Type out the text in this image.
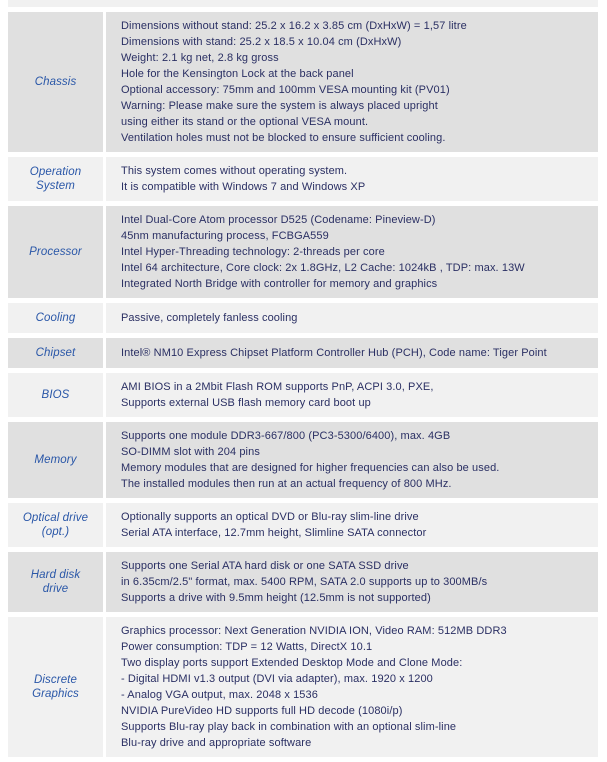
Chassis
Dimensions without stand: 25.2 x 16.2 x 3.85 cm (DxHxW) = 1,57 litre
Dimensions with stand: 25.2 x 18.5 x 10.04 cm (DxHxW)
Weight: 2.1 kg net, 2.8 kg gross
Hole for the Kensington Lock at the back panel
Optional accessory: 75mm and 100mm VESA mounting kit (PV01)
Warning: Please make sure the system is always placed upright
using either its stand or the optional VESA mount.
Ventilation holes must not be blocked to ensure sufficient cooling.
Operation System
This system comes without operating system.
It is compatible with Windows 7 and Windows XP
Processor
Intel Dual-Core Atom processor D525 (Codename: Pineview-D)
45nm manufacturing process, FCBGA559
Intel Hyper-Threading technology: 2-threads per core
Intel 64 architecture, Core clock: 2x 1.8GHz, L2 Cache: 1024kB , TDP: max. 13W
Integrated North Bridge with controller for memory and graphics
Cooling	Passive, completely fanless cooling
Chipset	Intel® NM10 Express Chipset Platform Controller Hub (PCH), Code name: Tiger Point
BIOS
AMI BIOS in a 2Mbit Flash ROM supports PnP, ACPI 3.0, PXE,
Supports external USB flash memory card boot up
Memory
Supports one module DDR3-667/800 (PC3-5300/6400), max. 4GB
SO-DIMM slot with 204 pins
Memory modules that are designed for higher frequencies can also be used.
The installed modules then run at an actual frequency of 800 MHz.
Optical drive (opt.)
Optionally supports an optical DVD or Blu-ray slim-line drive
Serial ATA interface, 12.7mm height, Slimline SATA connector
Hard disk drive
Supports one Serial ATA hard disk or one SATA SSD drive
in 6.35cm/2.5" format, max. 5400 RPM, SATA 2.0 supports up to 300MB/s
Supports a drive with 9.5mm height (12.5mm is not supported)
Discrete Graphics
Graphics processor: Next Generation NVIDIA ION, Video RAM: 512MB DDR3
Power consumption: TDP = 12 Watts, DirectX 10.1
Two display ports support Extended Desktop Mode and Clone Mode:
- Digital HDMI v1.3 output (DVI via adapter), max. 1920 x 1200
- Analog VGA output, max. 2048 x 1536
NVIDIA PureVideo HD supports full HD decode (1080i/p)
Supports Blu-ray play back in combination with an optional slim-line
Blu-ray drive and appropriate software
